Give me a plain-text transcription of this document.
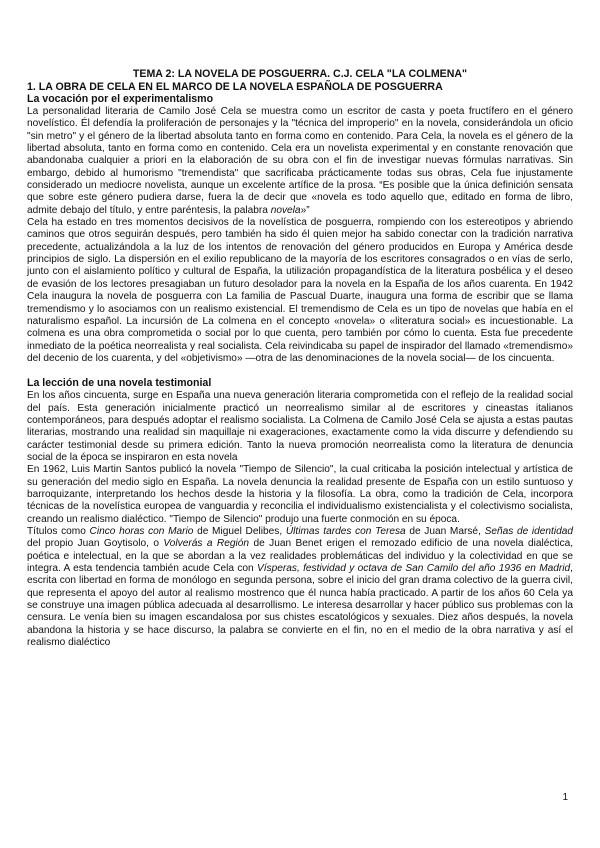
TEMA 2: LA NOVELA DE POSGUERRA. C.J. CELA "LA COLMENA"
1. LA OBRA DE CELA EN EL MARCO DE LA NOVELA ESPAÑOLA DE POSGUERRA
La vocación por el experimentalismo

La personalidad literaria de Camilo José Cela se muestra como un escritor de casta y poeta fructífero en el género novelístico. Él defendía la proliferación de personajes y la "técnica del improperio" en la novela, considerándola un oficio "sin metro" y el género de la libertad absoluta tanto en forma como en contenido. Para Cela, la novela es el género de la libertad absoluta, tanto en forma como en contenido. Cela era un novelista experimental y en constante renovación que abandonaba cualquier a priori en la elaboración de su obra con el fin de investigar nuevas fórmulas narrativas. Sin embargo, debido al humorismo "tremendista" que sacrificaba prácticamente todas sus obras, Cela fue injustamente considerado un mediocre novelista, aunque un excelente artífice de la prosa. “Es posible que la única definición sensata que sobre este género pudiera darse, fuera la de decir que «novela es todo aquello que, editado en forma de libro, admite debajo del título, y entre paréntesis, la palabra novela»”

Cela ha estado en tres momentos decisivos de la novelística de posguerra, rompiendo con los estereotipos y abriendo caminos que otros seguirán después, pero también ha sido él quien mejor ha sabido conectar con la tradición narrativa precedente, actualizándola a la luz de los intentos de renovación del género producidos en Europa y América desde principios de siglo. La dispersión en el exilio republicano de la mayoría de los escritores consagrados o en vías de serlo, junto con el aislamiento político y cultural de España, la utilización propagandística de la literatura posbélica y el deseo de evasión de los lectores presagiaban un futuro desolador para la novela en la España de los años cuarenta. En 1942 Cela inaugura la novela de posguerra con La familia de Pascual Duarte, inaugura una forma de escribir que se llama tremendismo y lo asociamos con un realismo existencial. El tremendismo de Cela es un tipo de novelas que había en el naturalismo español. La incursión de La colmena en el concepto «novela» o «literatura social» es incuestionable. La colmena es una obra comprometida o social por lo que cuenta, pero también por cómo lo cuenta. Esta fue precedente inmediato de la poética neorrealista y real socialista. Cela reivindicaba su papel de inspirador del llamado «tremendismo» del decenio de los cuarenta, y del «objetivismo» —otra de las denominaciones de la novela social— de los cincuenta.

La lección de una novela testimonial

En los años cincuenta, surge en España una nueva generación literaria comprometida con el reflejo de la realidad social del país. Esta generación inicialmente practicó un neorrealismo similar al de escritores y cineastas italianos contemporáneos, para después adoptar el realismo socialista. La Colmena de Camilo José Cela se ajusta a estas pautas literarias, mostrando una realidad sin maquillaje ni exageraciones, exactamente como la vida discurre y defendiendo su carácter testimonial desde su primera edición. Tanto la nueva promoción neorrealista como la literatura de denuncia social de la época se inspiraron en esta novela

En 1962, Luis Martin Santos publicó la novela "Tiempo de Silencio", la cual criticaba la posición intelectual y artística de su generación del medio siglo en España. La novela denuncia la realidad presente de España con un estilo suntuoso y barroquizante, interpretando los hechos desde la historia y la filosofía. La obra, como la tradición de Cela, incorpora técnicas de la novelística europea de vanguardia y reconcilia el individualismo existencialista y el colectivismo socialista, creando un realismo dialéctico. "Tiempo de Silencio" produjo una fuerte conmoción en su época.

Títulos como Cinco horas con Mario de Miguel Delibes, Últimas tardes con Teresa de Juan Marsé, Señas de identidad del propio Juan Goytisolo, o Volverás a Región de Juan Benet erigen el remozado edificio de una novela dialéctica, poética e intelectual, en la que se abordan a la vez realidades problemáticas del individuo y la colectividad en que se integra. A esta tendencia también acude Cela con Vísperas, festividad y octava de San Camilo del año 1936 en Madrid, escrita con libertad en forma de monólogo en segunda persona, sobre el inicio del gran drama colectivo de la guerra civil, que representa el apoyo del autor al realismo mostrenco que él nunca había practicado. A partir de los años 60 Cela ya se construye una imagen pública adecuada al desarrollismo. Le interesa desarrollar y hacer público sus problemas con la censura. Le venía bien su imagen escandalosa por sus chistes escatológicos y sexuales. Diez años después, la novela abandona la historia y se hace discurso, la palabra se convierte en el fin, no en el medio de la obra narrativa y así el realismo dialéctico

1
